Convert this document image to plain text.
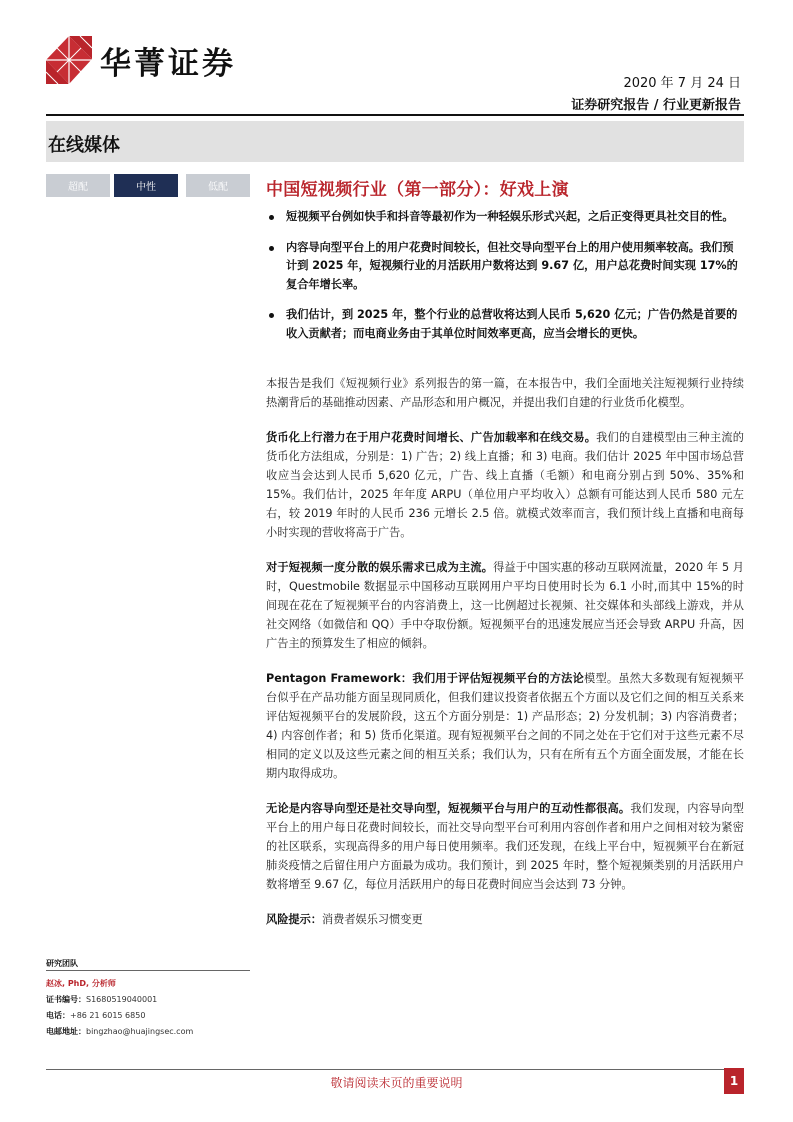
华菁证券
2020 年 7 月 24 日
证券研究报告 / 行业更新报告
在线媒体
超配	中性	低配	中国短视频行业（第一部分）：好戏上演
短视频平台例如快手和抖音等最初作为一种轻娱乐形式兴起，之后正变得更具社交目的性。
内容导向型平台上的用户花费时间较长，但社交导向型平台上的用户使用频率较高。我们预计到 2025 年，短视频行业的月活跃用户数将达到 9.67 亿，用户总花费时间实现 17%的复合年增长率。
我们估计，到 2025 年，整个行业的总营收将达到人民币 5,620 亿元；广告仍然是首要的收入贡献者；而电商业务由于其单位时间效率更高，应当会增长的更快。

本报告是我们《短视频行业》系列报告的第一篇，在本报告中，我们全面地关注短视频行业持续热潮背后的基础推动因素、产品形态和用户概况，并提出我们自建的行业货币化模型。

货币化上行潜力在于用户花费时间增长、广告加载率和在线交易。我们的自建模型由三种主流的货币化方法组成，分别是：1) 广告；2) 线上直播；和 3) 电商。我们估计 2025 年中国市场总营收应当会达到人民币 5,620 亿元，广告、线上直播（毛额）和电商分别占到 50%、35%和 15%。我们估计，2025 年年度 ARPU（单位用户平均收入）总额有可能达到人民币 580 元左右，较 2019 年时的人民币 236 元增长 2.5 倍。就模式效率而言，我们预计线上直播和电商每小时实现的营收将高于广告。

对于短视频一度分散的娱乐需求已成为主流。得益于中国实惠的移动互联网流量，2020 年 5 月时，Questmobile 数据显示中国移动互联网用户平均日使用时长为 6.1 小时,而其中 15%的时间现在花在了短视频平台的内容消费上，这一比例超过长视频、社交媒体和头部线上游戏，并从社交网络（如微信和 QQ）手中夺取份额。短视频平台的迅速发展应当还会导致 ARPU 升高，因广告主的预算发生了相应的倾斜。

Pentagon Framework：我们用于评估短视频平台的方法论模型。虽然大多数现有短视频平台似乎在产品功能方面呈现同质化，但我们建议投资者依据五个方面以及它们之间的相互关系来评估短视频平台的发展阶段，这五个方面分别是：1) 产品形态；2) 分发机制；3) 内容消费者；4) 内容创作者；和 5) 货币化渠道。现有短视频平台之间的不同之处在于它们对于这些元素不尽相同的定义以及这些元素之间的相互关系；我们认为，只有在所有五个方面全面发展，才能在长期内取得成功。

无论是内容导向型还是社交导向型，短视频平台与用户的互动性都很高。我们发现，内容导向型平台上的用户每日花费时间较长，而社交导向型平台可利用内容创作者和用户之间相对较为紧密的社区联系，实现高得多的用户每日使用频率。我们还发现，在线上平台中，短视频平台在新冠肺炎疫情之后留住用户方面最为成功。我们预计，到 2025 年时，整个短视频类别的月活跃用户数将增至 9.67 亿，每位月活跃用户的每日花费时间应当会达到 73 分钟。

风险提示：消费者娱乐习惯变更

研究团队
赵冰, PhD, 分析师
证书编号：S1680519040001
电话：+86 21 6015 6850
电邮地址：bingzhao@huajingsec.com
敬请阅读末页的重要说明	1
